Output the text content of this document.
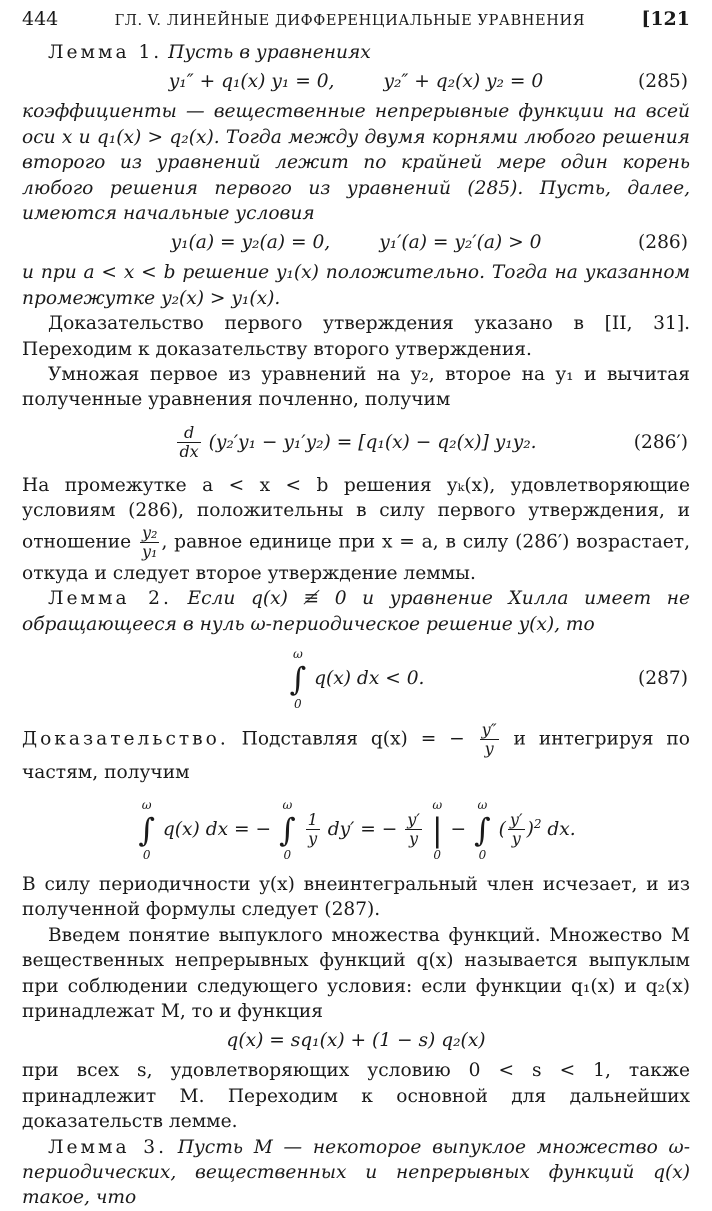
444	ГЛ. V. ЛИНЕЙНЫЕ ДИФФЕРЕНЦИАЛЬНЫЕ УРАВНЕНИЯ	[121

Лемма 1. Пусть в уравнениях

y₁″ + q₁(x) y₁ = 0,   	y₂″ + q₂(x) y₂ = 0	(285)

коэффициенты — вещественные непрерывные функции на всей оси x и q₁(x) > q₂(x). Тогда между двумя корнями любого решения второго из уравнений лежит по крайней мере один корень любого решения первого из уравнений (285). Пусть, далее, имеются начальные условия

y₁(a) = y₂(a) = 0,   	y₁′(a) = y₂′(a) > 0	(286)

и при a < x < b решение y₁(x) положительно. Тогда на указанном промежутке y₂(x) > y₁(x).

Доказательство первого утверждения указано в [II, 31]. Переходим к доказательству второго утверждения.

Умножая первое из уравнений на y₂, второе на y₁ и вычитая полученные уравнения почленно, получим

$\frac{d}{dx} (y_2'y_1 - y_1'y_2) = [q_1(x) - q_2(x)]$ y₁y₂.	(286′)

На промежутке a < x < b решения yₖ(x), удовлетворяющие условиям (286), положительны в силу первого утверждения, и отношение $\frac{\text{y₂}}{\text{y₁}}$ , равное единице при x = a, в силу (286′) возрастает, откуда и следует второе утверждение леммы.

Лемма 2. Если q(x) ≢ 0 и уравнение Хилла имеет не обращающееся в нуль ω-периодическое решение y(x), то

ω
∫
0 q(x) dx < 0.	(287)

Доказательство. Подставляя q(x) = − $\frac{y''}{y}$ и интегрируя по частям, получим

ω
∫
0 q(x) dx = − ω
∫
0
$\frac{1}{y} dy'$ = − $\frac{y'}{y}$
ω
|
0 − ω
∫
0 ( $\frac{y'}{y} )^2$ dx.

В силу периодичности y(x) внеинтегральный член исчезает, и из полученной формулы следует (287).

Введем понятие выпуклого множества функций. Множество M вещественных непрерывных функций q(x) называется выпуклым при соблюдении следующего условия: если функции q₁(x) и q₂(x) принадлежат M, то и функция

q(x) = sq₁(x) + (1 − s) q₂(x)

при всех s, удовлетворяющих условию 0 < s < 1, также принадлежит M. Переходим к основной для дальнейших доказательств лемме.

Лемма 3. Пусть M — некоторое выпуклое множество ω-периодических, вещественных и непрерывных функций q(x) такое, что
